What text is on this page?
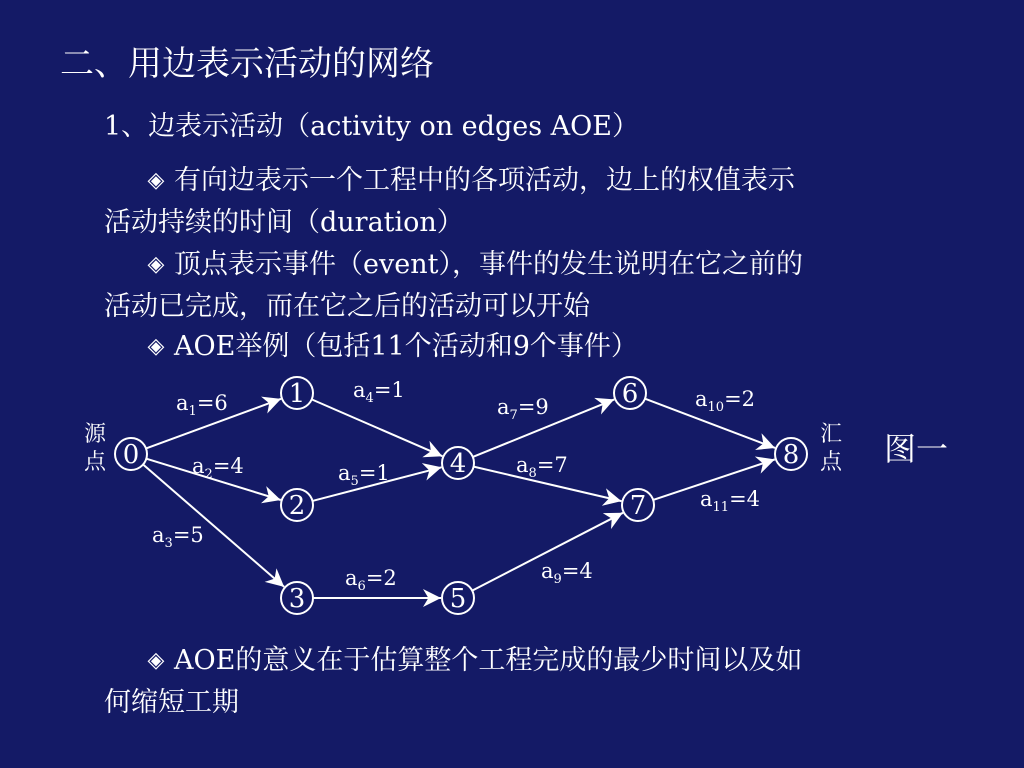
二、用边表示活动的网络
1、边表示活动（activity on edges AOE）
◈ 有向边表示一个工程中的各项活动，边上的权值表示
活动持续的时间（duration）
◈ 顶点表示事件（event），事件的发生说明在它之前的
活动已完成，而在它之后的活动可以开始
◈ AOE举例（包括11个活动和9个事件）
0
1
2
3
4
5
6
7
8
$a_1=6$
$a_2=4$
$a_3=5$
$a_4=1$
$a_5=1$
$a_6=2$
$a_7=9$
$a_8=7$
$a_9=4$
$a_{10}=2$
$a_{11}=4$
源
点
汇
点 图一
◈ AOE的意义在于估算整个工程完成的最少时间以及如
何缩短工期
